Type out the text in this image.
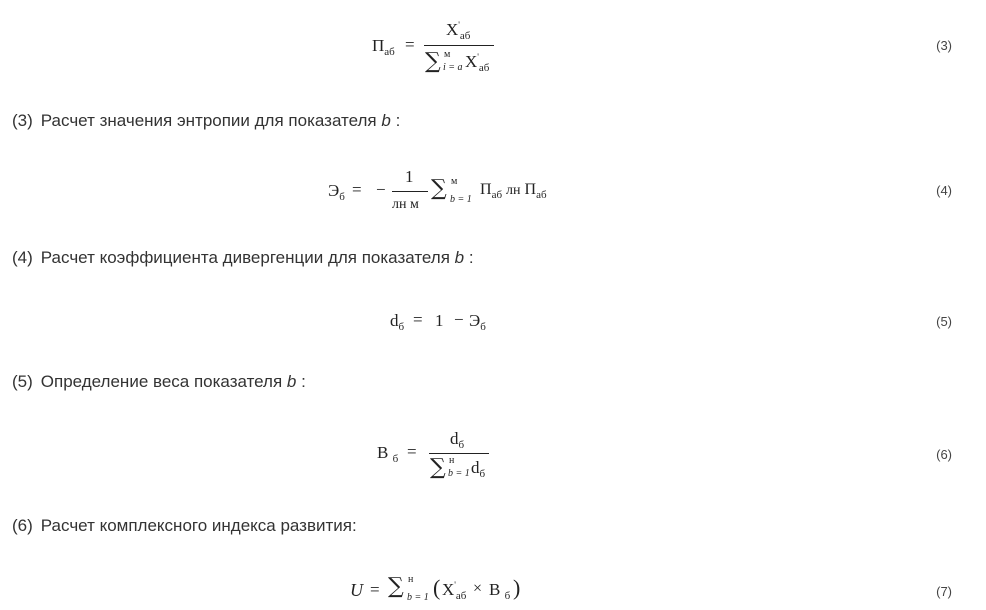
$П_{аб}$ =
$X'_{аб}$
∑ м
i = a $X'_{аб}$
(3)
(3) Расчет значения энтропии для показателя b :
$Э_б$ = −
1
лн м
∑ м
b = 1
$П_{аб}$ лн $П_{аб}$	(4)
(4) Расчет коэффициента дивергенции для показателя b :
$d_б = 1 - Э_б$	(5)
(5) Определение веса показателя b :
В $_б$ =
$d_б$
∑ н
b = 1 $d_б$
(6)
(6) Расчет комплексного индекса развития:
U = ∑ н
b = 1 ( $X'_{аб} \times В$ $_б$ )	(7)
